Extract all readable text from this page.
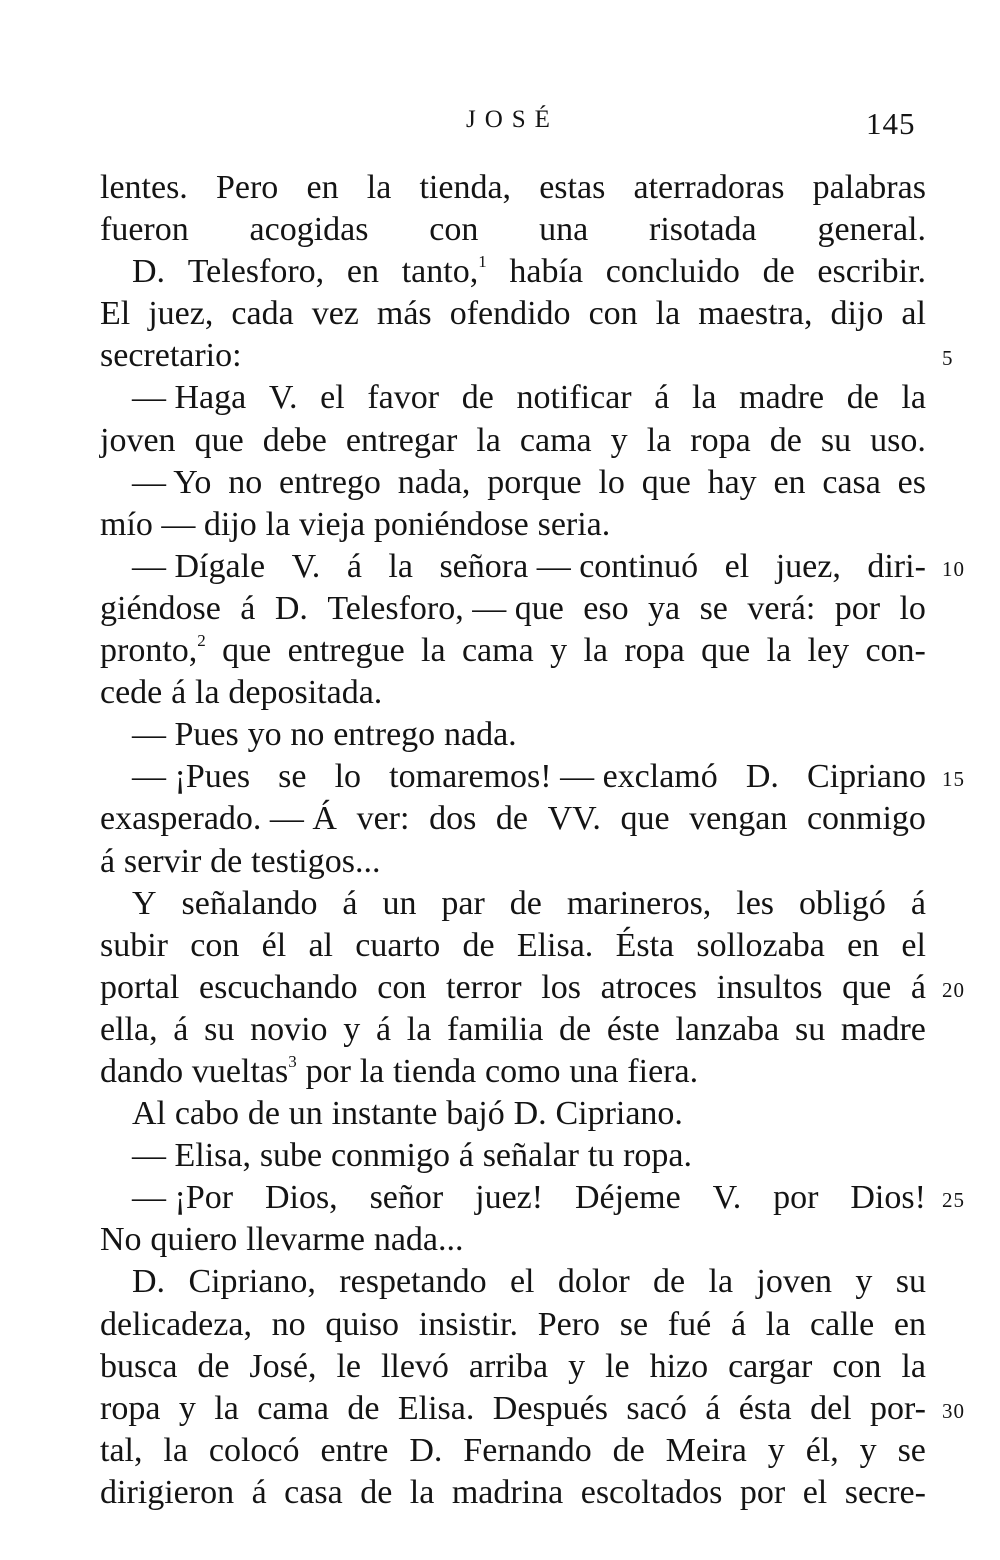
JOSÉ	145
lentes. Pero en la tienda, estas aterradoras palabras
fueron acogidas con una risotada general.
D. Telesforo, en tanto,$^1$ había concluido de escribir.
El juez, cada vez más ofendido con la maestra, dijo al
secretario:	5
— Haga V. el favor de notificar á la madre de la
joven que debe entregar la cama y la ropa de su uso.
— Yo no entrego nada, porque lo que hay en casa es
mío — dijo la vieja poniéndose seria.
— Dígale V. á la señora — continuó el juez, diri- 10
giéndose á D. Telesforo, — que eso ya se verá: por lo
pronto,$^2$ que entregue la cama y la ropa que la ley con-
cede á la depositada.
— Pues yo no entrego nada.
— ¡Pues se lo tomaremos! — exclamó D. Cipriano 15
exasperado. — Á ver: dos de VV. que vengan conmigo
á servir de testigos...
Y señalando á un par de marineros, les obligó á
subir con él al cuarto de Elisa. Ésta sollozaba en el
portal escuchando con terror los atroces insultos que á 20
ella, á su novio y á la familia de éste lanzaba su madre
dando vueltas$^3$ por la tienda como una fiera.
Al cabo de un instante bajó D. Cipriano.
— Elisa, sube conmigo á señalar tu ropa.
— ¡Por Dios, señor juez! Déjeme V. por Dios! 25
No quiero llevarme nada...
D. Cipriano, respetando el dolor de la joven y su
delicadeza, no quiso insistir. Pero se fué á la calle en
busca de José, le llevó arriba y le hizo cargar con la
ropa y la cama de Elisa. Después sacó á ésta del por- 30
tal, la colocó entre D. Fernando de Meira y él, y se
dirigieron á casa de la madrina escoltados por el secre-
